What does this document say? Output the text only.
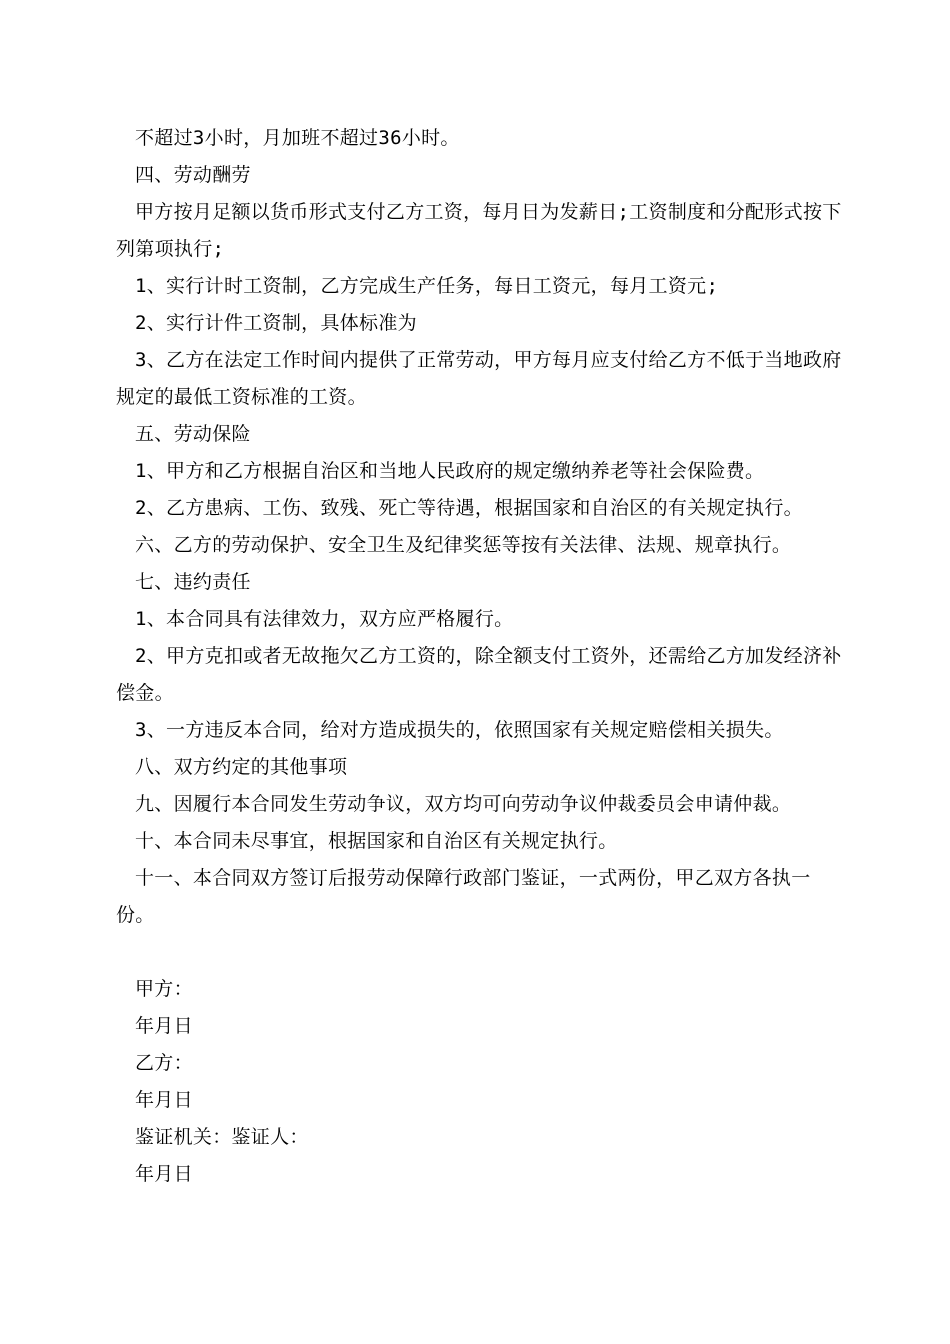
不超过3小时，月加班不超过36小时。

四、劳动酬劳

甲方按月足额以货币形式支付乙方工资，每月日为发薪日;工资制度和分配形式按下列第项执行;

1、实行计时工资制，乙方完成生产任务，每日工资元，每月工资元;

2、实行计件工资制，具体标准为

3、乙方在法定工作时间内提供了正常劳动，甲方每月应支付给乙方不低于当地政府规定的最低工资标准的工资。

五、劳动保险

1、甲方和乙方根据自治区和当地人民政府的规定缴纳养老等社会保险费。

2、乙方患病、工伤、致残、死亡等待遇，根据国家和自治区的有关规定执行。

六、乙方的劳动保护、安全卫生及纪律奖惩等按有关法律、法规、规章执行。

七、违约责任

1、本合同具有法律效力，双方应严格履行。

2、甲方克扣或者无故拖欠乙方工资的，除全额支付工资外，还需给乙方加发经济补偿金。

3、一方违反本合同，给对方造成损失的，依照国家有关规定赔偿相关损失。

八、双方约定的其他事项

九、因履行本合同发生劳动争议，双方均可向劳动争议仲裁委员会申请仲裁。

十、本合同未尽事宜，根据国家和自治区有关规定执行。

十一、本合同双方签订后报劳动保障行政部门鉴证，一式两份，甲乙双方各执一份。

甲方：

年月日

乙方：

年月日

鉴证机关：鉴证人：

年月日
